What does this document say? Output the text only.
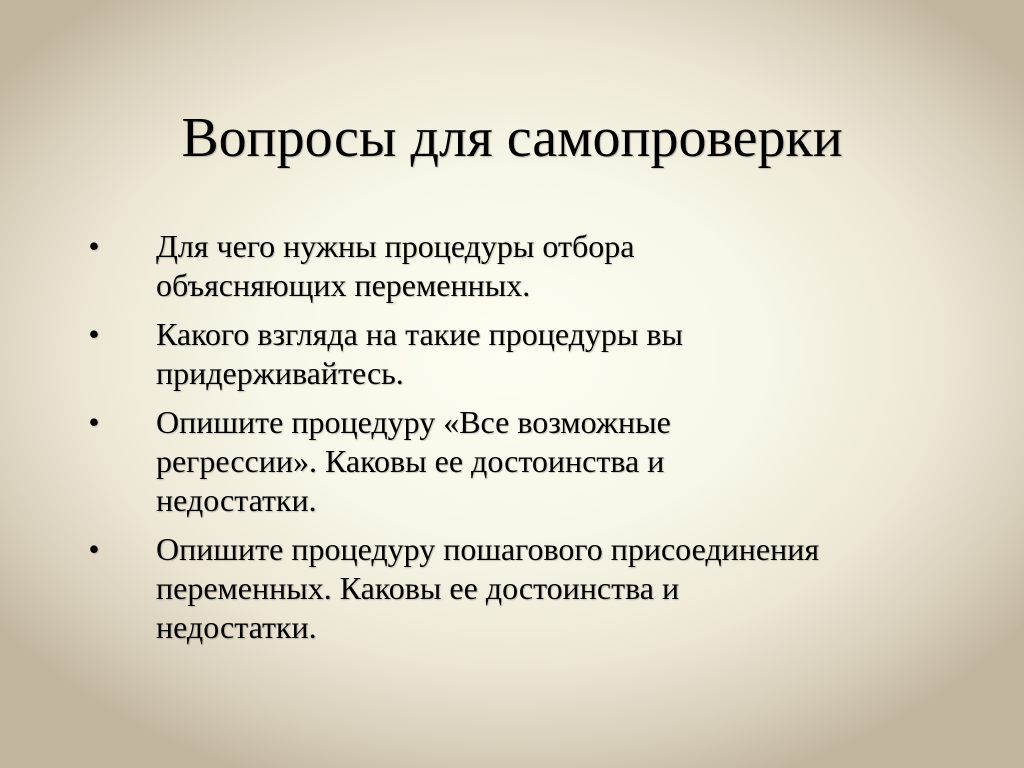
Вопросы для самопроверки
• Для чего нужны процедуры отбора объясняющих переменных.
• Какого взгляда на такие процедуры вы придерживайтесь.
• Опишите процедуру «Все возможные регрессии». Каковы ее достоинства и недостатки.
• Опишите процедуру пошагового присоединения переменных. Каковы ее достоинства и недостатки.
